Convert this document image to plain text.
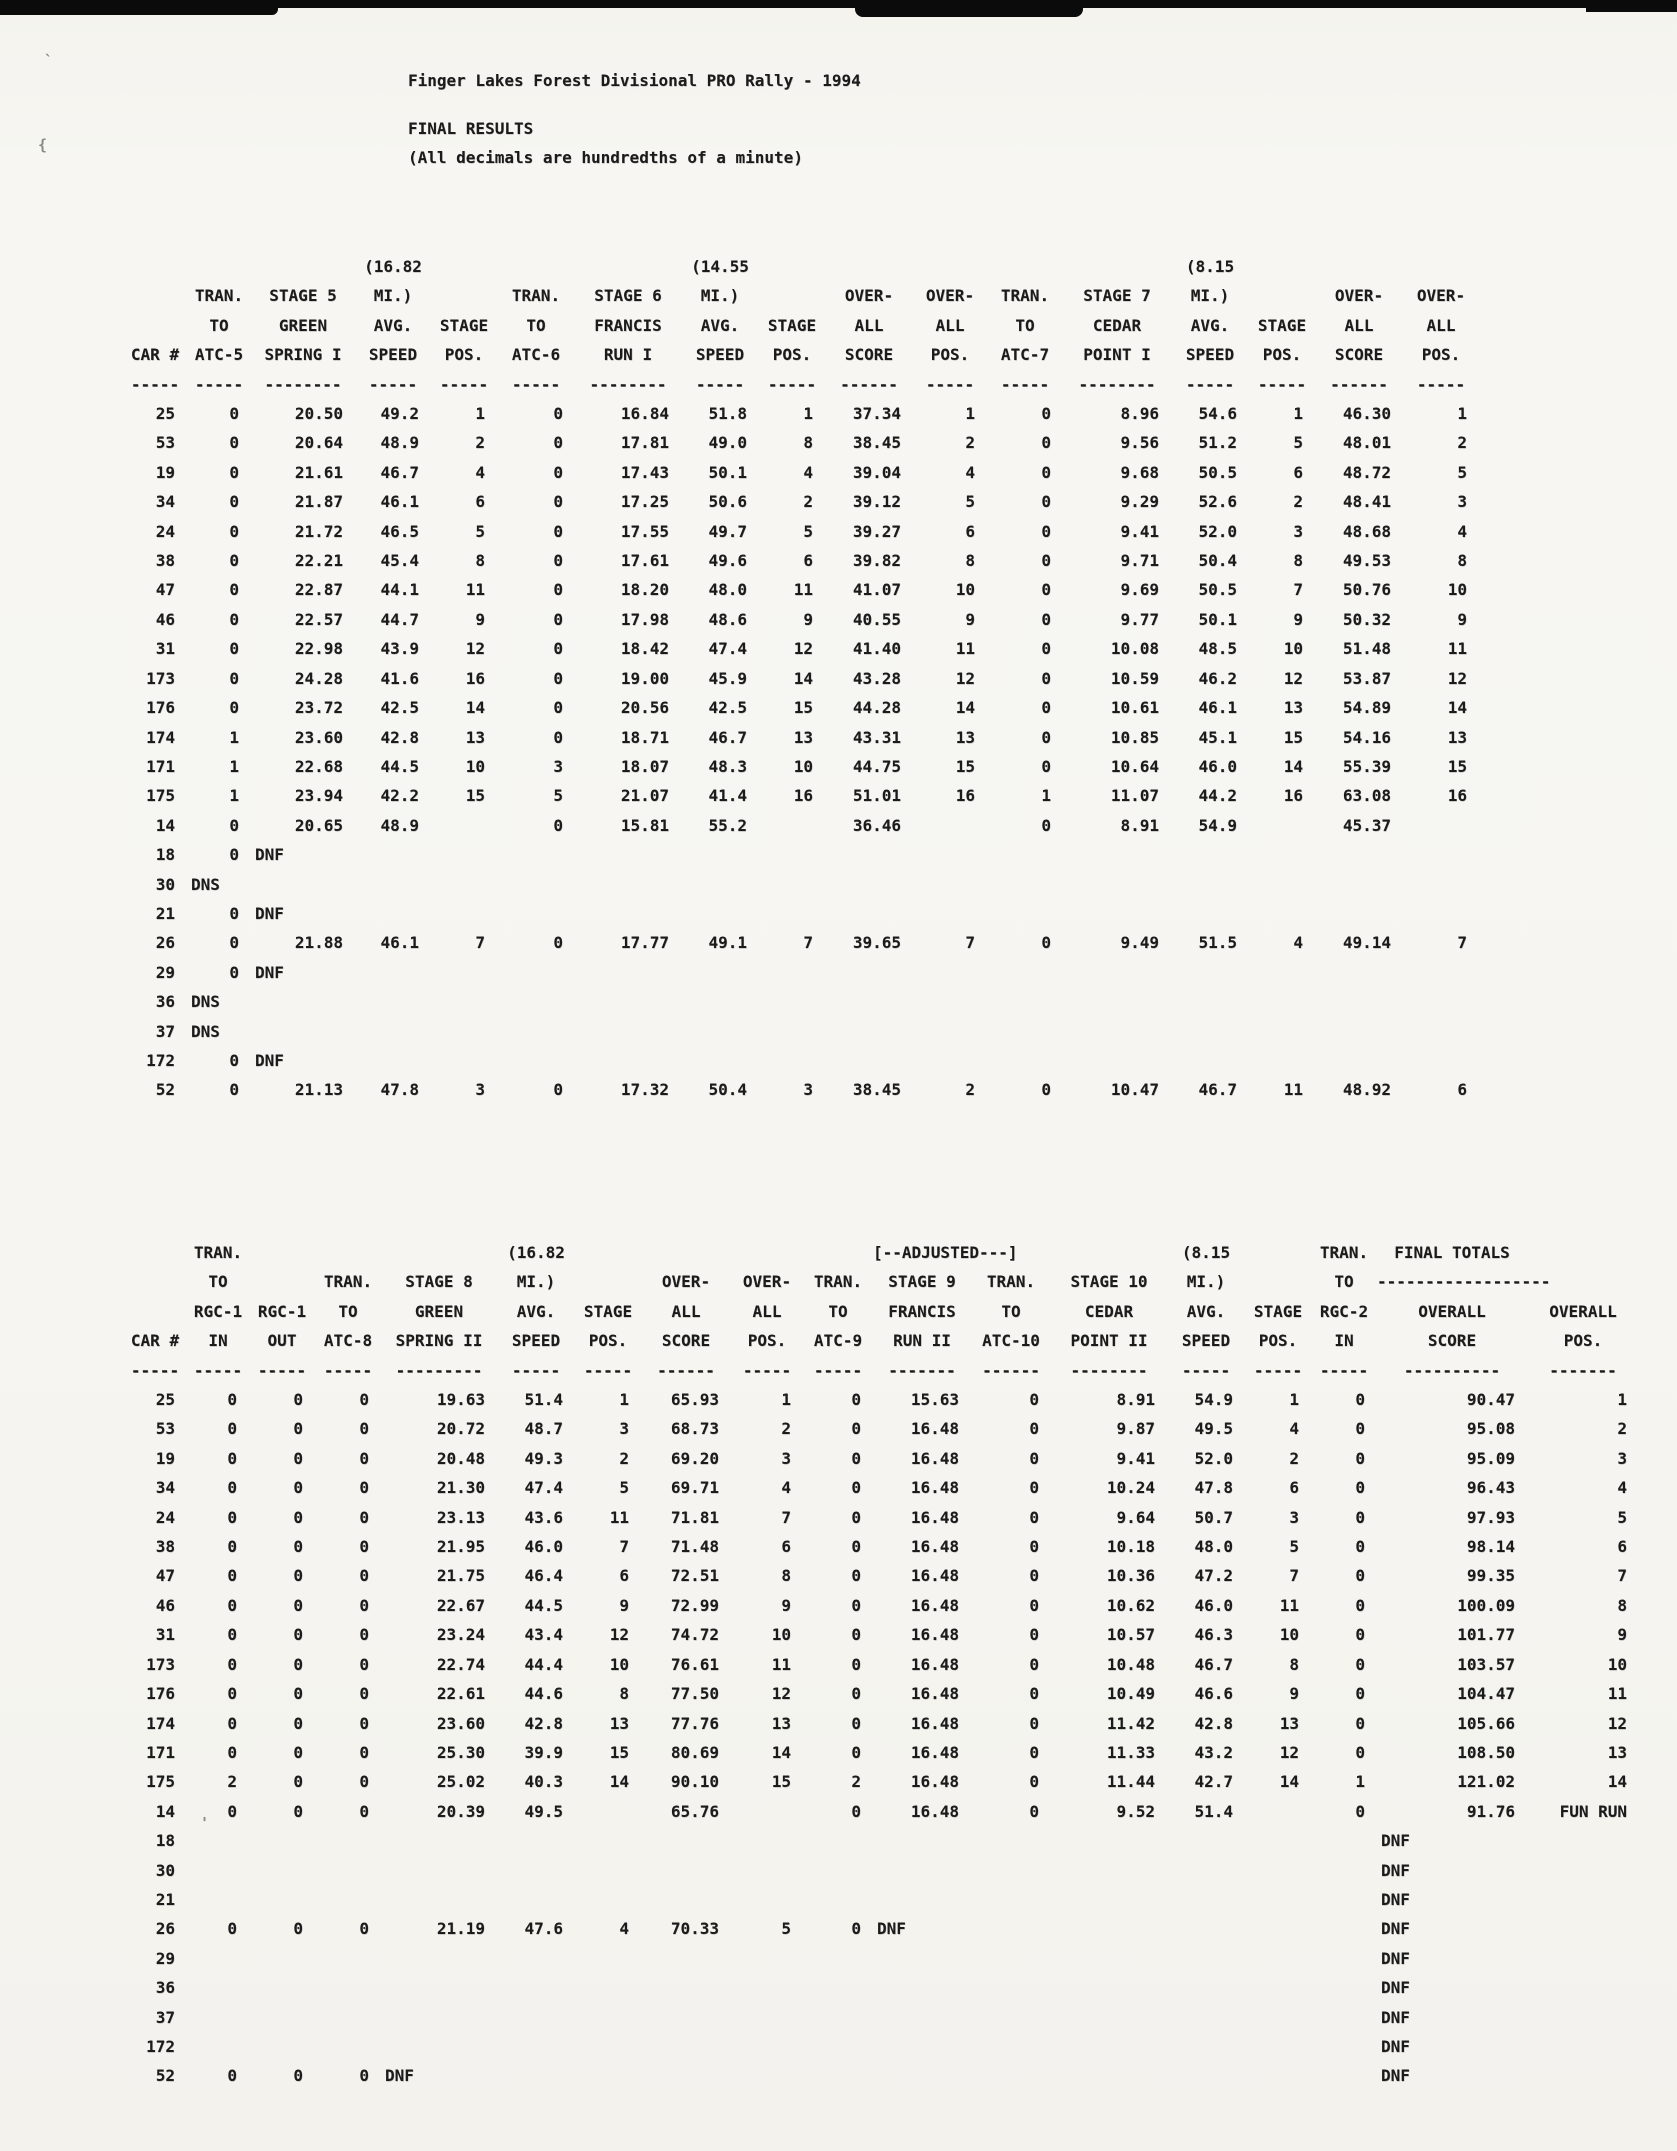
`
{
'
Finger Lakes Forest Divisional PRO Rally - 1994
FINAL RESULTS
(All decimals are hundredths of a minute)
			(16.82				(14.55						(8.15			
	TRAN.	STAGE 5	MI.)		TRAN.	STAGE 6	MI.)		OVER-	OVER-	TRAN.	STAGE 7	MI.)		OVER-	OVER-
	TO	GREEN	AVG.	STAGE	TO	FRANCIS	AVG.	STAGE	ALL	ALL	TO	CEDAR	AVG.	STAGE	ALL	ALL
CAR #	ATC-5	SPRING I	SPEED	POS.	ATC-6	RUN I	SPEED	POS.	SCORE	POS.	ATC-7	POINT I	SPEED	POS.	SCORE	POS.
-----	-----	--------	-----	-----	-----	--------	-----	-----	------	-----	-----	--------	-----	-----	------	-----
25	0	20.50	49.2	1	0	16.84	51.8	1	37.34	1	0	8.96	54.6	1	46.30	1
53	0	20.64	48.9	2	0	17.81	49.0	8	38.45	2	0	9.56	51.2	5	48.01	2
19	0	21.61	46.7	4	0	17.43	50.1	4	39.04	4	0	9.68	50.5	6	48.72	5
34	0	21.87	46.1	6	0	17.25	50.6	2	39.12	5	0	9.29	52.6	2	48.41	3
24	0	21.72	46.5	5	0	17.55	49.7	5	39.27	6	0	9.41	52.0	3	48.68	4
38	0	22.21	45.4	8	0	17.61	49.6	6	39.82	8	0	9.71	50.4	8	49.53	8
47	0	22.87	44.1	11	0	18.20	48.0	11	41.07	10	0	9.69	50.5	7	50.76	10
46	0	22.57	44.7	9	0	17.98	48.6	9	40.55	9	0	9.77	50.1	9	50.32	9
31	0	22.98	43.9	12	0	18.42	47.4	12	41.40	11	0	10.08	48.5	10	51.48	11
173	0	24.28	41.6	16	0	19.00	45.9	14	43.28	12	0	10.59	46.2	12	53.87	12
176	0	23.72	42.5	14	0	20.56	42.5	15	44.28	14	0	10.61	46.1	13	54.89	14
174	1	23.60	42.8	13	0	18.71	46.7	13	43.31	13	0	10.85	45.1	15	54.16	13
171	1	22.68	44.5	10	3	18.07	48.3	10	44.75	15	0	10.64	46.0	14	55.39	15
175	1	23.94	42.2	15	5	21.07	41.4	16	51.01	16	1	11.07	44.2	16	63.08	16
14	0	20.65	48.9		0	15.81	55.2		36.46		0	8.91	54.9		45.37	
18	0	DNF														
30	DNS															
21	0	DNF														
26	0	21.88	46.1	7	0	17.77	49.1	7	39.65	7	0	9.49	51.5	4	49.14	7
29	0	DNF														
36	DNS															
37	DNS															
172	0	DNF														
52	0	21.13	47.8	3	0	17.32	50.4	3	38.45	2	0	10.47	46.7	11	48.92	6
	TRAN.				(16.82					[--ADJUSTED---]			(8.15		TRAN.	FINAL TOTALS	
	TO		TRAN.	STAGE 8	MI.)		OVER-	OVER-	TRAN.	STAGE 9	TRAN.	STAGE 10	MI.)		TO	------------------	
	RGC-1	RGC-1	TO	GREEN	AVG.	STAGE	ALL	ALL	TO	FRANCIS	TO	CEDAR	AVG.	STAGE	RGC-2	OVERALL	OVERALL
CAR #	IN	OUT	ATC-8	SPRING II	SPEED	POS.	SCORE	POS.	ATC-9	RUN II	ATC-10	POINT II	SPEED	POS.	IN	SCORE	POS.
-----	-----	-----	-----	---------	-----	-----	------	-----	-----	-------	------	--------	-----	-----	-----	----------	-------
25	0	0	0	19.63	51.4	1	65.93	1	0	15.63	0	8.91	54.9	1	0	90.47	1
53	0	0	0	20.72	48.7	3	68.73	2	0	16.48	0	9.87	49.5	4	0	95.08	2
19	0	0	0	20.48	49.3	2	69.20	3	0	16.48	0	9.41	52.0	2	0	95.09	3
34	0	0	0	21.30	47.4	5	69.71	4	0	16.48	0	10.24	47.8	6	0	96.43	4
24	0	0	0	23.13	43.6	11	71.81	7	0	16.48	0	9.64	50.7	3	0	97.93	5
38	0	0	0	21.95	46.0	7	71.48	6	0	16.48	0	10.18	48.0	5	0	98.14	6
47	0	0	0	21.75	46.4	6	72.51	8	0	16.48	0	10.36	47.2	7	0	99.35	7
46	0	0	0	22.67	44.5	9	72.99	9	0	16.48	0	10.62	46.0	11	0	100.09	8
31	0	0	0	23.24	43.4	12	74.72	10	0	16.48	0	10.57	46.3	10	0	101.77	9
173	0	0	0	22.74	44.4	10	76.61	11	0	16.48	0	10.48	46.7	8	0	103.57	10
176	0	0	0	22.61	44.6	8	77.50	12	0	16.48	0	10.49	46.6	9	0	104.47	11
174	0	0	0	23.60	42.8	13	77.76	13	0	16.48	0	11.42	42.8	13	0	105.66	12
171	0	0	0	25.30	39.9	15	80.69	14	0	16.48	0	11.33	43.2	12	0	108.50	13
175	2	0	0	25.02	40.3	14	90.10	15	2	16.48	0	11.44	42.7	14	1	121.02	14
14	0	0	0	20.39	49.5		65.76		0	16.48	0	9.52	51.4		0	91.76	FUN RUN
18																DNF	
30																DNF	
21																DNF	
26	0	0	0	21.19	47.6	4	70.33	5	0	DNF						DNF	
29																DNF	
36																DNF	
37																DNF	
172																DNF	
52	0	0	0	DNF												DNF	
